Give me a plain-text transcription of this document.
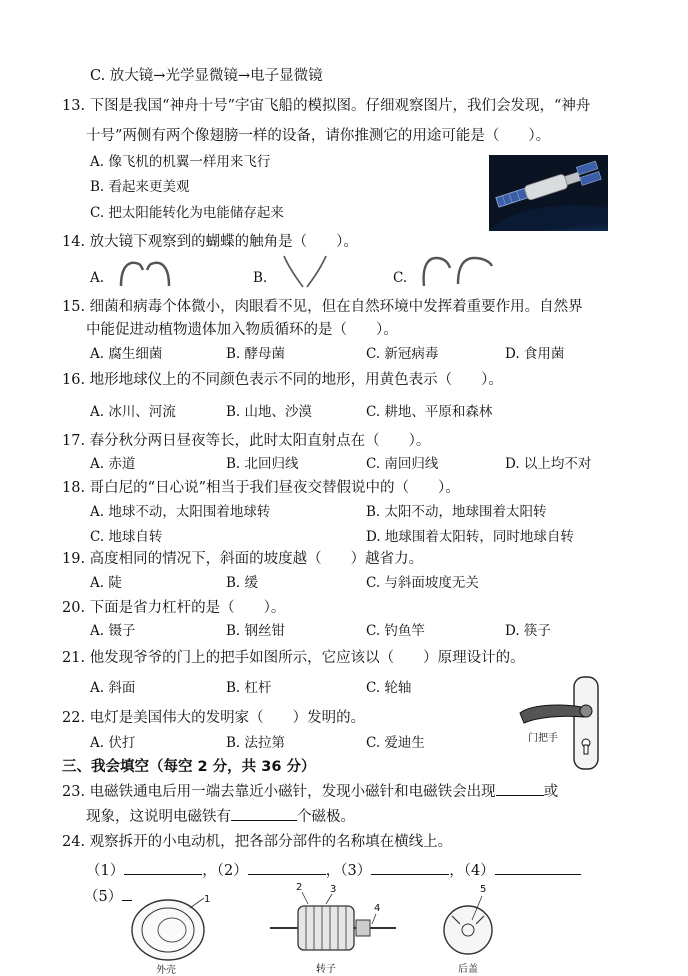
C. 放大镜→光学显微镜→电子显微镜
13. 下图是我国“神舟十号”宇宙飞船的模拟图。仔细观察图片，我们会发现，“神舟
十号”两侧有两个像翅膀一样的设备，请你推测它的用途可能是（　　）。
A. 像飞机的机翼一样用来飞行
B. 看起来更美观
C. 把太阳能转化为电能储存起来
14. 放大镜下观察到的蝴蝶的触角是（　　）。
A.	B.	C.
15. 细菌和病毒个体微小，肉眼看不见，但在自然环境中发挥着重要作用。自然界
中能促进动植物遗体加入物质循环的是（　　）。
A. 腐生细菌	B. 酵母菌	C. 新冠病毒	D. 食用菌
16. 地形地球仪上的不同颜色表示不同的地形，用黄色表示（　　）。
A. 冰川、河流	B. 山地、沙漠	C. 耕地、平原和森林
17. 春分秋分两日昼夜等长，此时太阳直射点在（　　）。
A. 赤道	B. 北回归线	C. 南回归线	D. 以上均不对
18. 哥白尼的“日心说”相当于我们昼夜交替假说中的（　　）。
A. 地球不动，太阳围着地球转	B. 太阳不动，地球围着太阳转
C. 地球自转	D. 地球围着太阳转，同时地球自转
19. 高度相同的情况下，斜面的坡度越（　　）越省力。
A. 陡	B. 缓	C. 与斜面坡度无关
20. 下面是省力杠杆的是（　　）。
A. 镊子	B. 钢丝钳	C. 钓鱼竿	D. 筷子
21. 他发现爷爷的门上的把手如图所示，它应该以（　　）原理设计的。
A. 斜面	B. 杠杆	C. 轮轴
门把手
22. 电灯是美国伟大的发明家（　　）发明的。
A. 伏打	B. 法拉第	C. 爱迪生
三、我会填空（每空 2 分，共 36 分）
23. 电磁铁通电后用一端去靠近小磁针，发现小磁针和电磁铁会出现	或
现象，这说明电磁铁有	个磁极。
24. 观察拆开的小电动机，把各部分部件的名称填在横线上。
（1）	，（2）	，（3）	，（4）
（5）	1
外壳
2	3
4
转子
5
后盖
